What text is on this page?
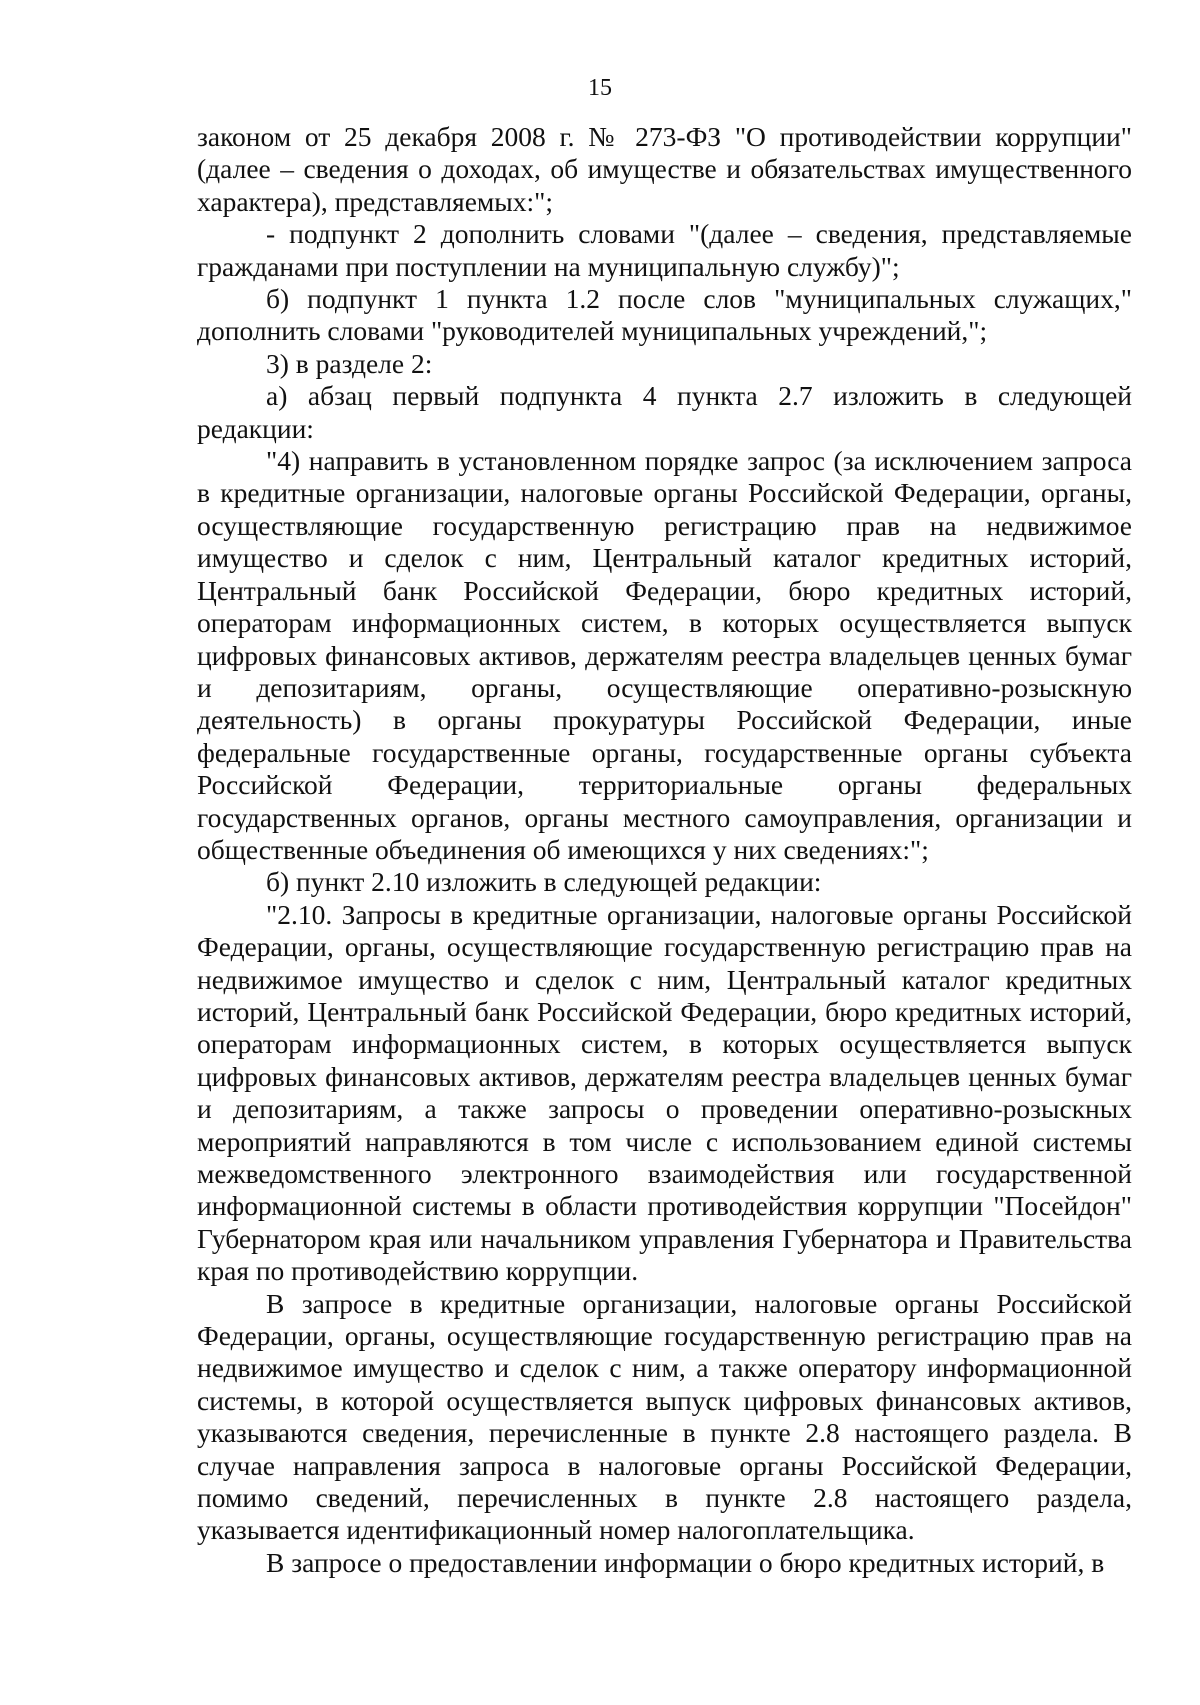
15

законом от 25 декабря 2008 г. № 273-ФЗ "О противодействии коррупции" (далее – сведения о доходах, об имуществе и обязательствах имущественного характера), представляемых:";

- подпункт 2 дополнить словами "(далее – сведения, представляемые гражданами при поступлении на муниципальную службу)";

б) подпункт 1 пункта 1.2 после слов "муниципальных служащих," дополнить словами "руководителей муниципальных учреждений,";

3) в разделе 2:

а) абзац первый подпункта 4 пункта 2.7 изложить в следующей редакции:

"4) направить в установленном порядке запрос (за исключением запроса в кредитные организации, налоговые органы Российской Федерации, органы, осуществляющие государственную регистрацию прав на недвижимое имущество и сделок с ним, Центральный каталог кредитных историй, Центральный банк Российской Федерации, бюро кредитных историй, операторам информационных систем, в которых осуществляется выпуск цифровых финансовых активов, держателям реестра владельцев ценных бумаг и депозитариям, органы, осуществляющие оперативно-розыскную деятельность) в органы прокуратуры Российской Федерации, иные федеральные государственные органы, государственные органы субъекта Российской Федерации, территориальные органы федеральных государственных органов, органы местного самоуправления, организации и общественные объединения об имеющихся у них сведениях:";

б) пункт 2.10 изложить в следующей редакции:

"2.10. Запросы в кредитные организации, налоговые органы Российской Федерации, органы, осуществляющие государственную регистрацию прав на недвижимое имущество и сделок с ним, Центральный каталог кредитных историй, Центральный банк Российской Федерации, бюро кредитных историй, операторам информационных систем, в которых осуществляется выпуск цифровых финансовых активов, держателям реестра владельцев ценных бумаг и депозитариям, а также запросы о проведении оперативно-розыскных мероприятий направляются в том числе с использованием единой системы межведомственного электронного взаимодействия или государственной информационной системы в области противодействия коррупции "Посейдон" Губернатором края или начальником управления Губернатора и Правительства края по противодействию коррупции.

В запросе в кредитные организации, налоговые органы Российской Федерации, органы, осуществляющие государственную регистрацию прав на недвижимое имущество и сделок с ним, а также оператору информационной системы, в которой осуществляется выпуск цифровых финансовых активов, указываются сведения, перечисленные в пункте 2.8 настоящего раздела. В случае направления запроса в налоговые органы Российской Федерации, помимо сведений, перечисленных в пункте 2.8 настоящего раздела, указывается идентификационный номер налогоплательщика.

В запросе о предоставлении информации о бюро кредитных историй, в
